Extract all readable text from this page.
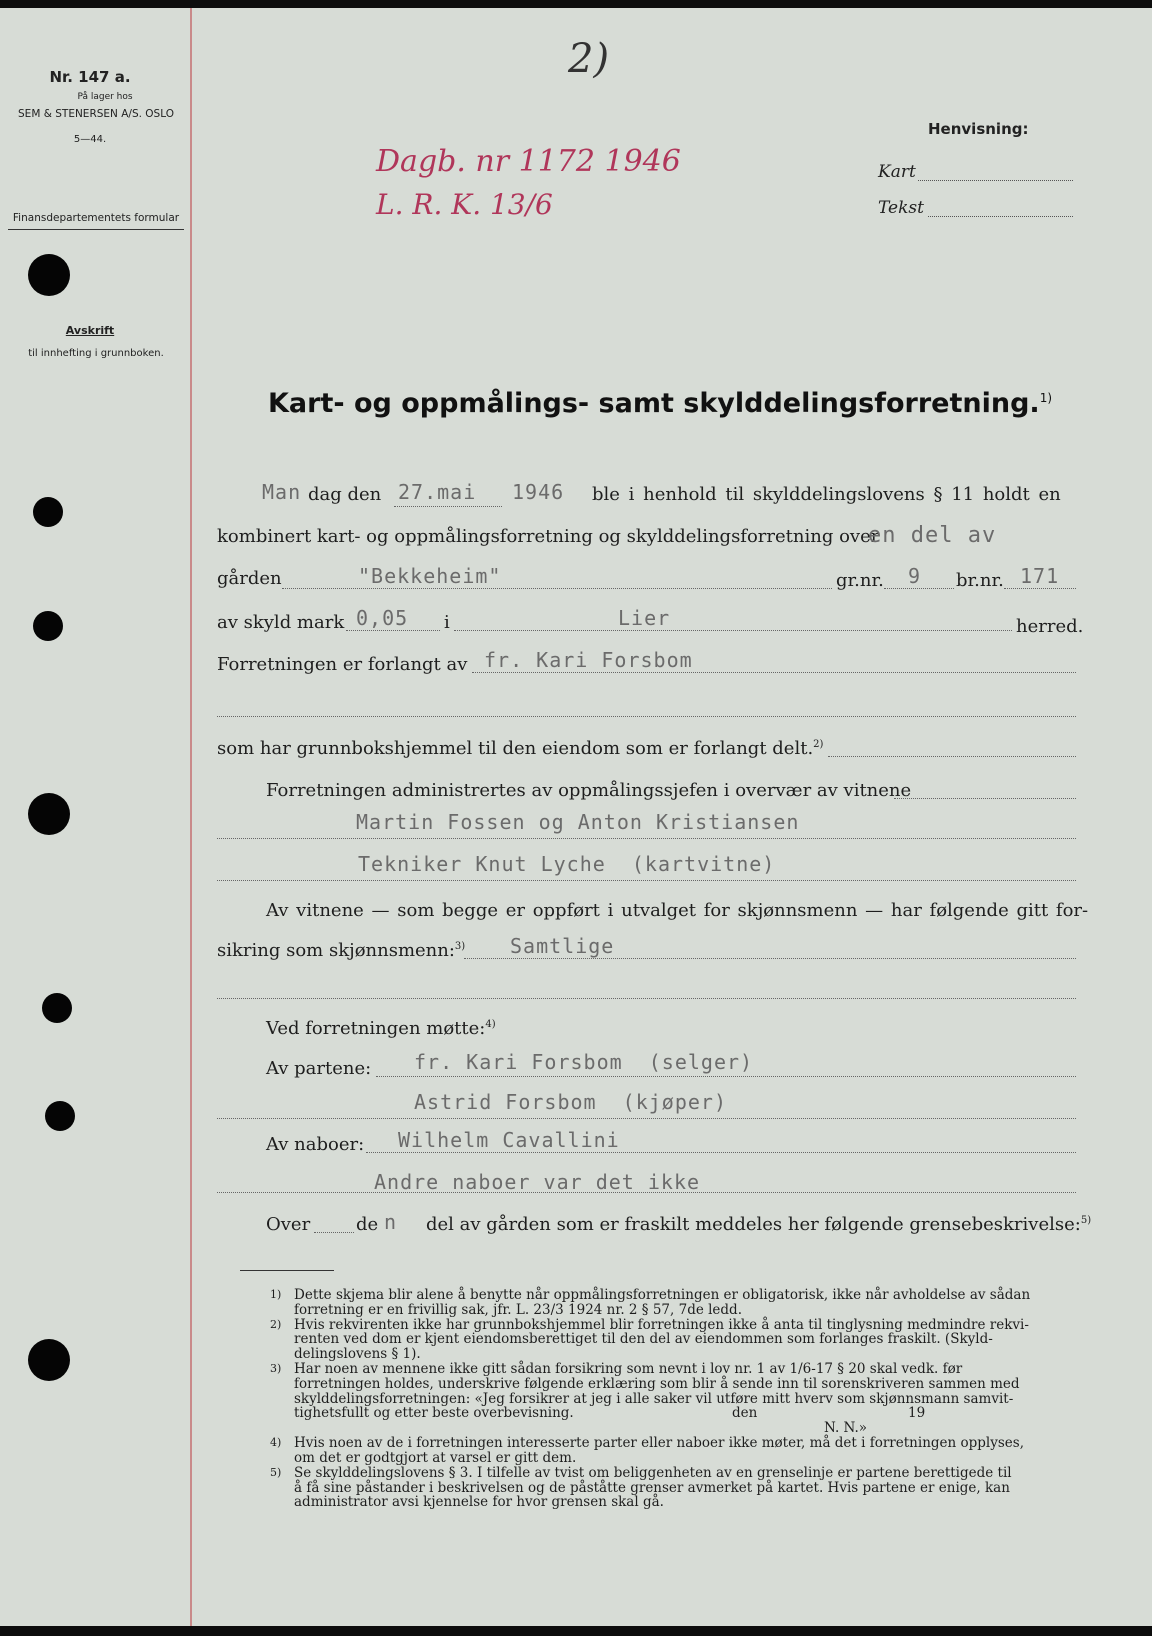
Nr. 147 a.
På lager hos
SEM & STENERSEN A/S. OSLO
5—44.
Finansdepartementets formular
Avskrift
til innhefting i grunnboken.
2)
Dagb. nr 1172 1946
L. R. K. 13/6
Henvisning:
Kart
Tekst
Kart- og oppmålings- samt skylddelingsforretning.$^{1)}$
Man dag den 27.mai 1946 ble i henhold til skylddelingslovens § 11 holdt en
kombinert kart- og oppmålingsforretning og skylddelingsforretning over
en del av
gården	"Bekkeheim"	gr.nr. 9 br.nr. 171
av skyld mark 0,05 i	Lier	herred.
Forretningen er forlangt av fr. Kari Forsbom
som har grunnbokshjemmel til den eiendom som er forlangt delt.$^{2)}$
Forretningen administrertes av oppmålingssjefen i overvær av vitnene
Martin Fossen og Anton Kristiansen
Tekniker Knut Lyche  (kartvitne)
Av vitnene — som begge er oppført i utvalget for skjønnsmenn — har følgende gitt for-
sikring som skjønnsmenn:$^{3)}$ Samtlige
Ved forretningen møtte:$^{4)}$
Av partene: fr. Kari Forsbom  (selger)
Astrid Forsbom  (kjøper)
Av naboer: Wilhelm Cavallini
Andre naboer var det ikke
Over	de n del av gården som er fraskilt meddeles her følgende grensebeskrivelse:$^{5)}$
1) Dette skjema blir alene å benytte når oppmålingsforretningen er obligatorisk, ikke når avholdelse av sådan
forretning er en frivillig sak, jfr. L. 23/3 1924 nr. 2 § 57, 7de ledd.
2) Hvis rekvirenten ikke har grunnbokshjemmel blir forretningen ikke å anta til tinglysning medmindre rekvi-
renten ved dom er kjent eiendomsberettiget til den del av eiendommen som forlanges fraskilt. (Skyld-
delingslovens § 1).
3) Har noen av mennene ikke gitt sådan forsikring som nevnt i lov nr. 1 av 1/6-17 § 20 skal vedk. før
forretningen holdes, underskrive følgende erklæring som blir å sende inn til sorenskriveren sammen med
skylddelingsforretningen: «Jeg forsikrer at jeg i alle saker vil utføre mitt hverv som skjønnsmann samvit-
tighetsfullt og etter beste overbevisning.	den	19
N. N.»
4) Hvis noen av de i forretningen interesserte parter eller naboer ikke møter, må det i forretningen opplyses,
om det er godtgjort at varsel er gitt dem.
5) Se skylddelingslovens § 3. I tilfelle av tvist om beliggenheten av en grenselinje er partene berettigede til
å få sine påstander i beskrivelsen og de påståtte grenser avmerket på kartet. Hvis partene er enige, kan
administrator avsi kjennelse for hvor grensen skal gå.
